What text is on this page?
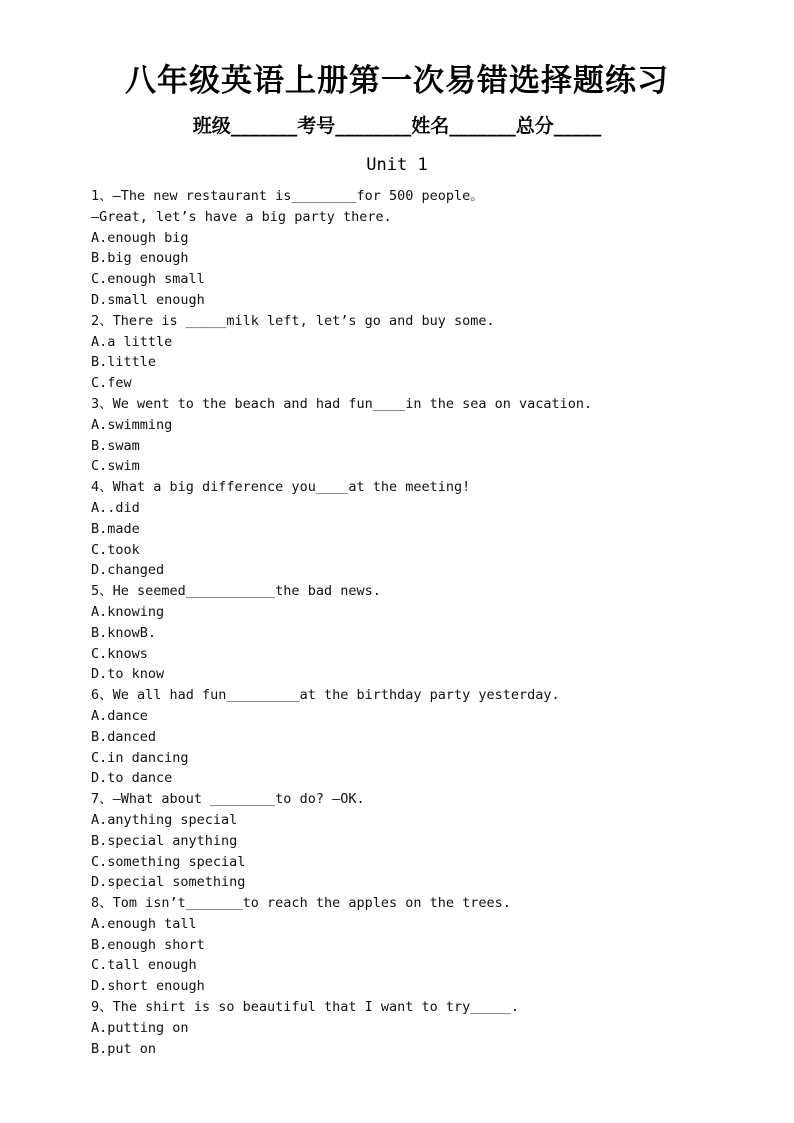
八年级英语上册第一次易错选择题练习
班级_______考号________姓名_______总分_____
Unit 1
1、—The new restaurant is________for 500 people。
—Great, let’s have a big party there.
A.enough big
B.big enough
C.enough small
D.small enough
2、There is _____milk left, let’s go and buy some.
A.a little
B.little
C.few
3、We went to the beach and had fun____in the sea on vacation.
A.swimming
B.swam
C.swim
4、What a big difference you____at the meeting!
A..did
B.made
C.took
D.changed
5、He seemed___________the bad news.
A.knowing
B.knowB.
C.knows
D.to know
6、We all had fun_________at the birthday party yesterday.
A.dance
B.danced
C.in dancing
D.to dance
7、—What about ________to do? —OK.
A.anything special
B.special anything
C.something special
D.special something
8、Tom isn’t_______to reach the apples on the trees.
A.enough tall
B.enough short
C.tall enough
D.short enough
9、The shirt is so beautiful that I want to try_____.
A.putting on
B.put on
